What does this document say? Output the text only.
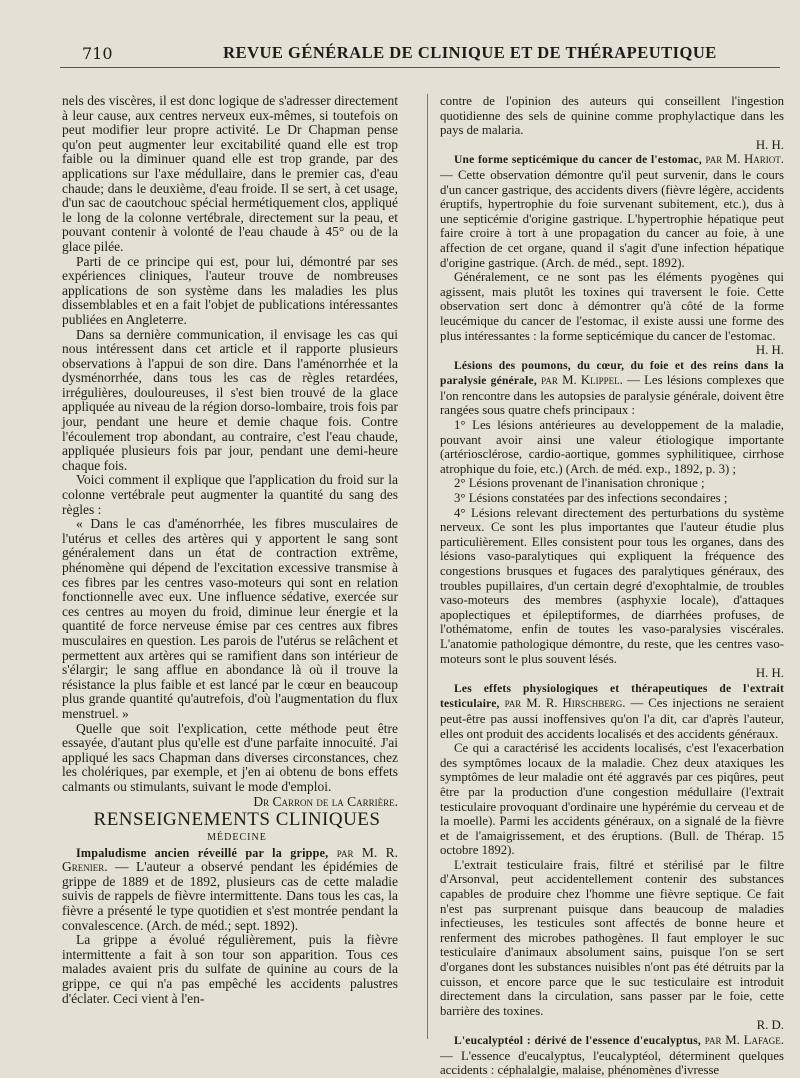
710	REVUE GÉNÉRALE DE CLINIQUE ET DE THÉRAPEUTIQUE

nels des viscères, il est donc logique de s'adresser directement à leur cause, aux centres nerveux eux-mêmes, si toutefois on peut modifier leur propre activité. Le Dr Chapman pense qu'on peut augmenter leur excitabilité quand elle est trop faible ou la diminuer quand elle est trop grande, par des applications sur l'axe médullaire, dans le premier cas, d'eau chaude; dans le deuxième, d'eau froide. Il se sert, à cet usage, d'un sac de caoutchouc spécial hermétiquement clos, appliqué le long de la colonne vertébrale, directement sur la peau, et pouvant contenir à volonté de l'eau chaude à 45° ou de la glace pilée.

Parti de ce principe qui est, pour lui, démontré par ses expériences cliniques, l'auteur trouve de nombreuses applications de son système dans les maladies les plus dissemblables et en a fait l'objet de publications intéressantes publiées en Angleterre.

Dans sa dernière communication, il envisage les cas qui nous intéressent dans cet article et il rapporte plusieurs observations à l'appui de son dire. Dans l'aménorrhée et la dysménorrhée, dans tous les cas de règles retardées, irrégulières, douloureuses, il s'est bien trouvé de la glace appliquée au niveau de la région dorso-lombaire, trois fois par jour, pendant une heure et demie chaque fois. Contre l'écoulement trop abondant, au contraire, c'est l'eau chaude, appliquée plusieurs fois par jour, pendant une demi-heure chaque fois.

Voici comment il explique que l'application du froid sur la colonne vertébrale peut augmenter la quantité du sang des règles :

« Dans le cas d'aménorrhée, les fibres musculaires de l'utérus et celles des artères qui y apportent le sang sont généralement dans un état de contraction extrême, phénomène qui dépend de l'excitation excessive transmise à ces fibres par les centres vaso-moteurs qui sont en relation fonctionnelle avec eux. Une influence sédative, exercée sur ces centres au moyen du froid, diminue leur énergie et la quantité de force nerveuse émise par ces centres aux fibres musculaires en question. Les parois de l'utérus se relâchent et permettent aux artères qui se ramifient dans son intérieur de s'élargir; le sang afflue en abondance là où il trouve la résistance la plus faible et est lancé par le cœur en beaucoup plus grande quantité qu'autrefois, d'où l'augmentation du flux menstruel. »

Quelle que soit l'explication, cette méthode peut être essayée, d'autant plus qu'elle est d'une parfaite innocuité. J'ai appliqué les sacs Chapman dans diverses circonstances, chez les cholériques, par exemple, et j'en ai obtenu de bons effets calmants ou stimulants, suivant le mode d'emploi.

Dr Carron de la Carrière.

RENSEIGNEMENTS CLINIQUES

MÉDECINE

Impaludisme ancien réveillé par la grippe, par M. R. Grenier. — L'auteur a observé pendant les épidémies de grippe de 1889 et de 1892, plusieurs cas de cette maladie suivis de rappels de fièvre intermittente. Dans tous les cas, la fièvre a présenté le type quotidien et s'est montrée pendant la convalescence. (Arch. de méd.; sept. 1892).

La grippe a évolué régulièrement, puis la fièvre intermittente a fait à son tour son apparition. Tous ces malades avaient pris du sulfate de quinine au cours de la grippe, ce qui n'a pas empêché les accidents palustres d'éclater. Ceci vient à l'en-

contre de l'opinion des auteurs qui conseillent l'ingestion quotidienne des sels de quinine comme prophylactique dans les pays de malaria.
H. H.

Une forme septicémique du cancer de l'estomac, par M. Hariot. — Cette observation démontre qu'il peut survenir, dans le cours d'un cancer gastrique, des accidents divers (fièvre légère, accidents éruptifs, hypertrophie du foie survenant subitement, etc.), dus à une septicémie d'origine gastrique. L'hypertrophie hépatique peut faire croire à tort à une propagation du cancer au foie, à une affection de cet organe, quand il s'agit d'une infection hépatique d'origine gastrique. (Arch. de méd., sept. 1892).

Généralement, ce ne sont pas les éléments pyogènes qui agissent, mais plutôt les toxines qui traversent le foie. Cette observation sert donc à démontrer qu'à côté de la forme leucémique du cancer de l'estomac, il existe aussi une forme des plus intéressantes : la forme septicémique du cancer de l'estomac.
H. H.

Lésions des poumons, du cœur, du foie et des reins dans la paralysie générale, par M. Klippel. — Les lésions complexes que l'on rencontre dans les autopsies de paralysie générale, doivent être rangées sous quatre chefs principaux :

1° Les lésions antérieures au developpement de la maladie, pouvant avoir ainsi une valeur étiologique importante (artériosclérose, cardio-aortique, gommes syphilitiquee, cirrhose atrophique du foie, etc.) (Arch. de méd. exp., 1892, p. 3) ;

2° Lésions provenant de l'inanisation chronique ;

3° Lésions constatées par des infections secondaires ;

4° Lésions relevant directement des perturbations du système nerveux. Ce sont les plus importantes que l'auteur étudie plus particulièrement. Elles consistent pour tous les organes, dans des lésions vaso-paralytiques qui expliquent la fréquence des congestions brusques et fugaces des paralytiques généraux, des troubles pupillaires, d'un certain degré d'exophtalmie, de troubles vaso-moteurs des membres (asphyxie locale), d'attaques apoplectiques et épileptiformes, de diarrhées profuses, de l'othématome, enfin de toutes les vaso-paralysies viscérales. L'anatomie pathologique démontre, du reste, que les centres vaso-moteurs sont le plus souvent lésés.
H. H.

Les effets physiologiques et thérapeutiques de l'extrait testiculaire, par M. R. Hirschberg. — Ces injections ne seraient peut-être pas aussi inoffensives qu'on l'a dit, car d'après l'auteur, elles ont produit des accidents localisés et des accidents généraux.

Ce qui a caractérisé les accidents localisés, c'est l'exacerbation des symptômes locaux de la maladie. Chez deux ataxiques les symptômes de leur maladie ont été aggravés par ces piqûres, peut être par la production d'une congestion médullaire (l'extrait testiculaire provoquant d'ordinaire une hypérémie du cerveau et de la moelle). Parmi les accidents généraux, on a signalé de la fièvre et de l'amaigrissement, et des éruptions. (Bull. de Thérap. 15 octobre 1892).

L'extrait testiculaire frais, filtré et stérilisé par le filtre d'Arsonval, peut accidentellement contenir des substances capables de produire chez l'homme une fièvre septique. Ce fait n'est pas surprenant puisque dans beaucoup de maladies infectieuses, les testicules sont affectés de bonne heure et renferment des microbes pathogènes. Il faut employer le suc testiculaire d'animaux absolument sains, puisque l'on se sert d'organes dont les substances nuisibles n'ont pas été détruits par la cuisson, et encore parce que le suc testiculaire est introduit directement dans la circulation, sans passer par le foie, cette barrière des toxines.
R. D.

L'eucalyptéol : dérivé de l'essence d'eucalyptus, par M. Lafage. — L'essence d'eucalyptus, l'eucalyptéol, déterminent quelques accidents : céphalalgie, malaise, phénomènes d'ivresse
